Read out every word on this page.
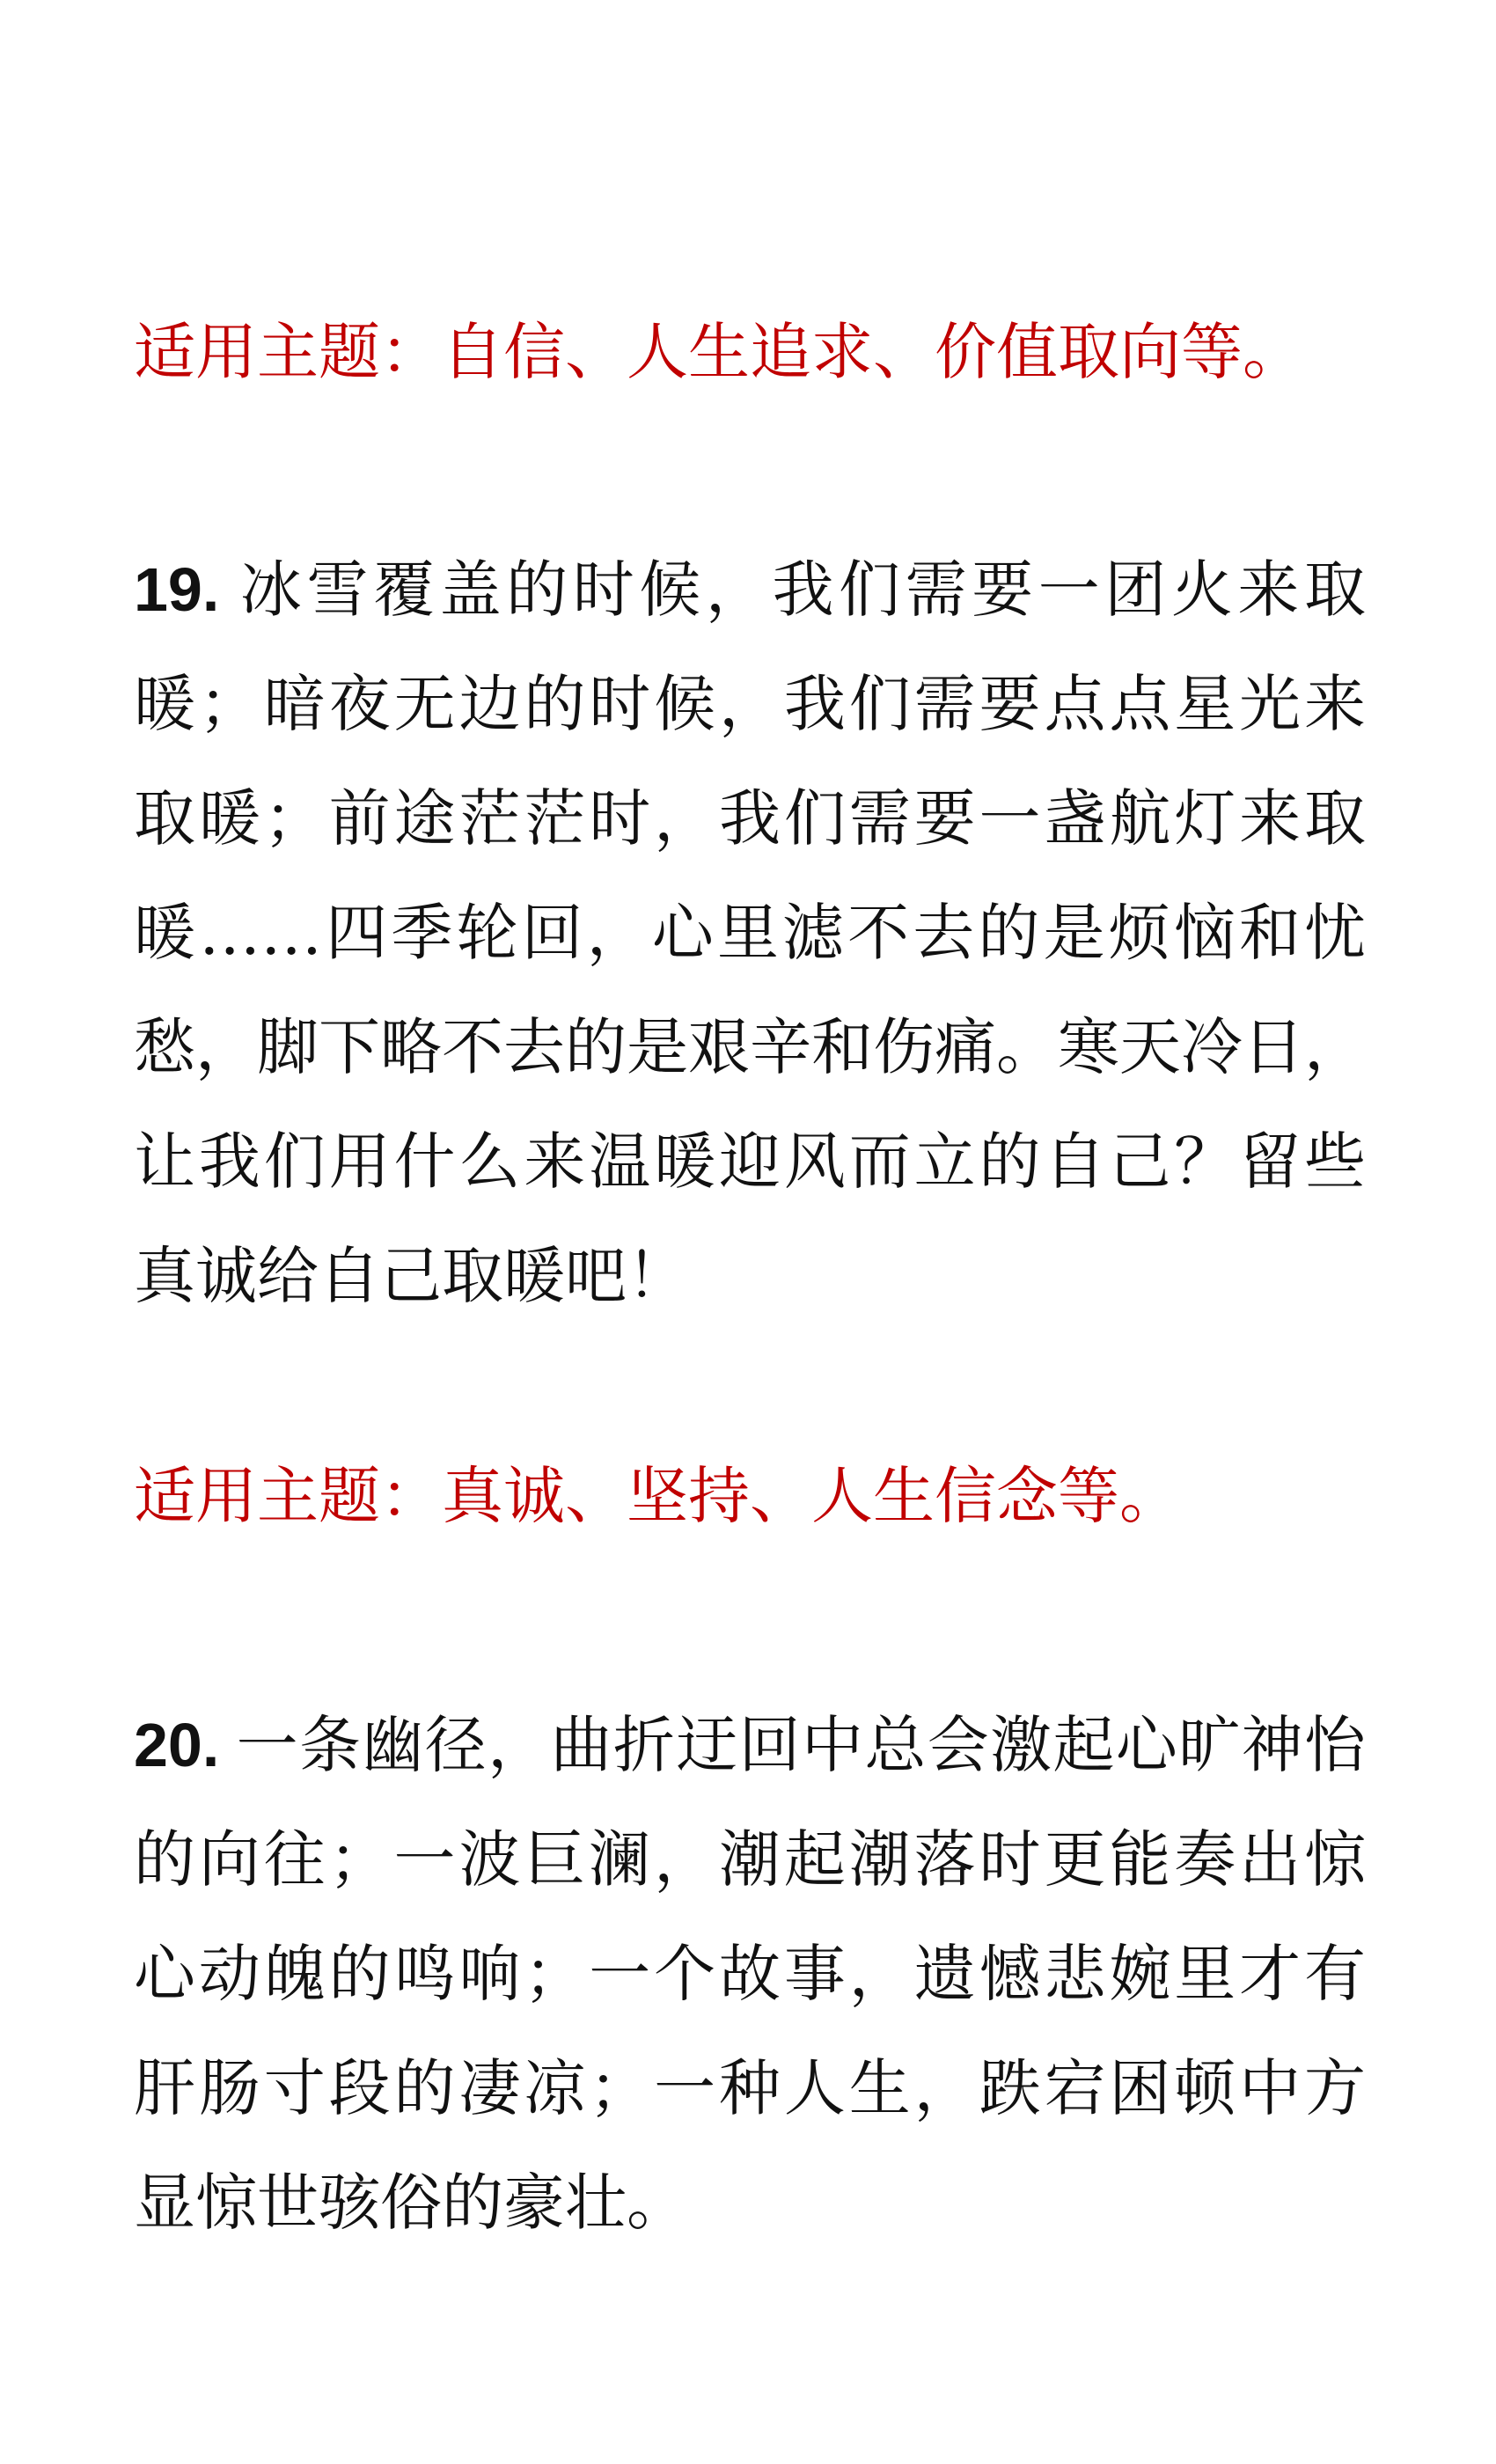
适用主题：自信、人生追求、价值取向等。

19. 冰雪覆盖的时候，我们需要一团火来取
暖；暗夜无边的时候，我们需要点点星光来
取暖；前途茫茫时，我们需要一盏航灯来取
暖……四季轮回，心里滤不去的是烦恼和忧
愁，脚下略不去的是艰辛和伤痛。寒天冷日，
让我们用什么来温暖迎风而立的自己？留些
真诚给自己取暖吧！

适用主题：真诚、坚持、人生信念等。

20. 一条幽径，曲折迂回中总会激起心旷神怡
的向往；一波巨澜，潮起潮落时更能奏出惊
心动魄的鸣响；一个故事，遗憾悲婉里才有
肝肠寸段的凄凉；一种人生，跌宕困顿中方
显惊世骇俗的豪壮。
